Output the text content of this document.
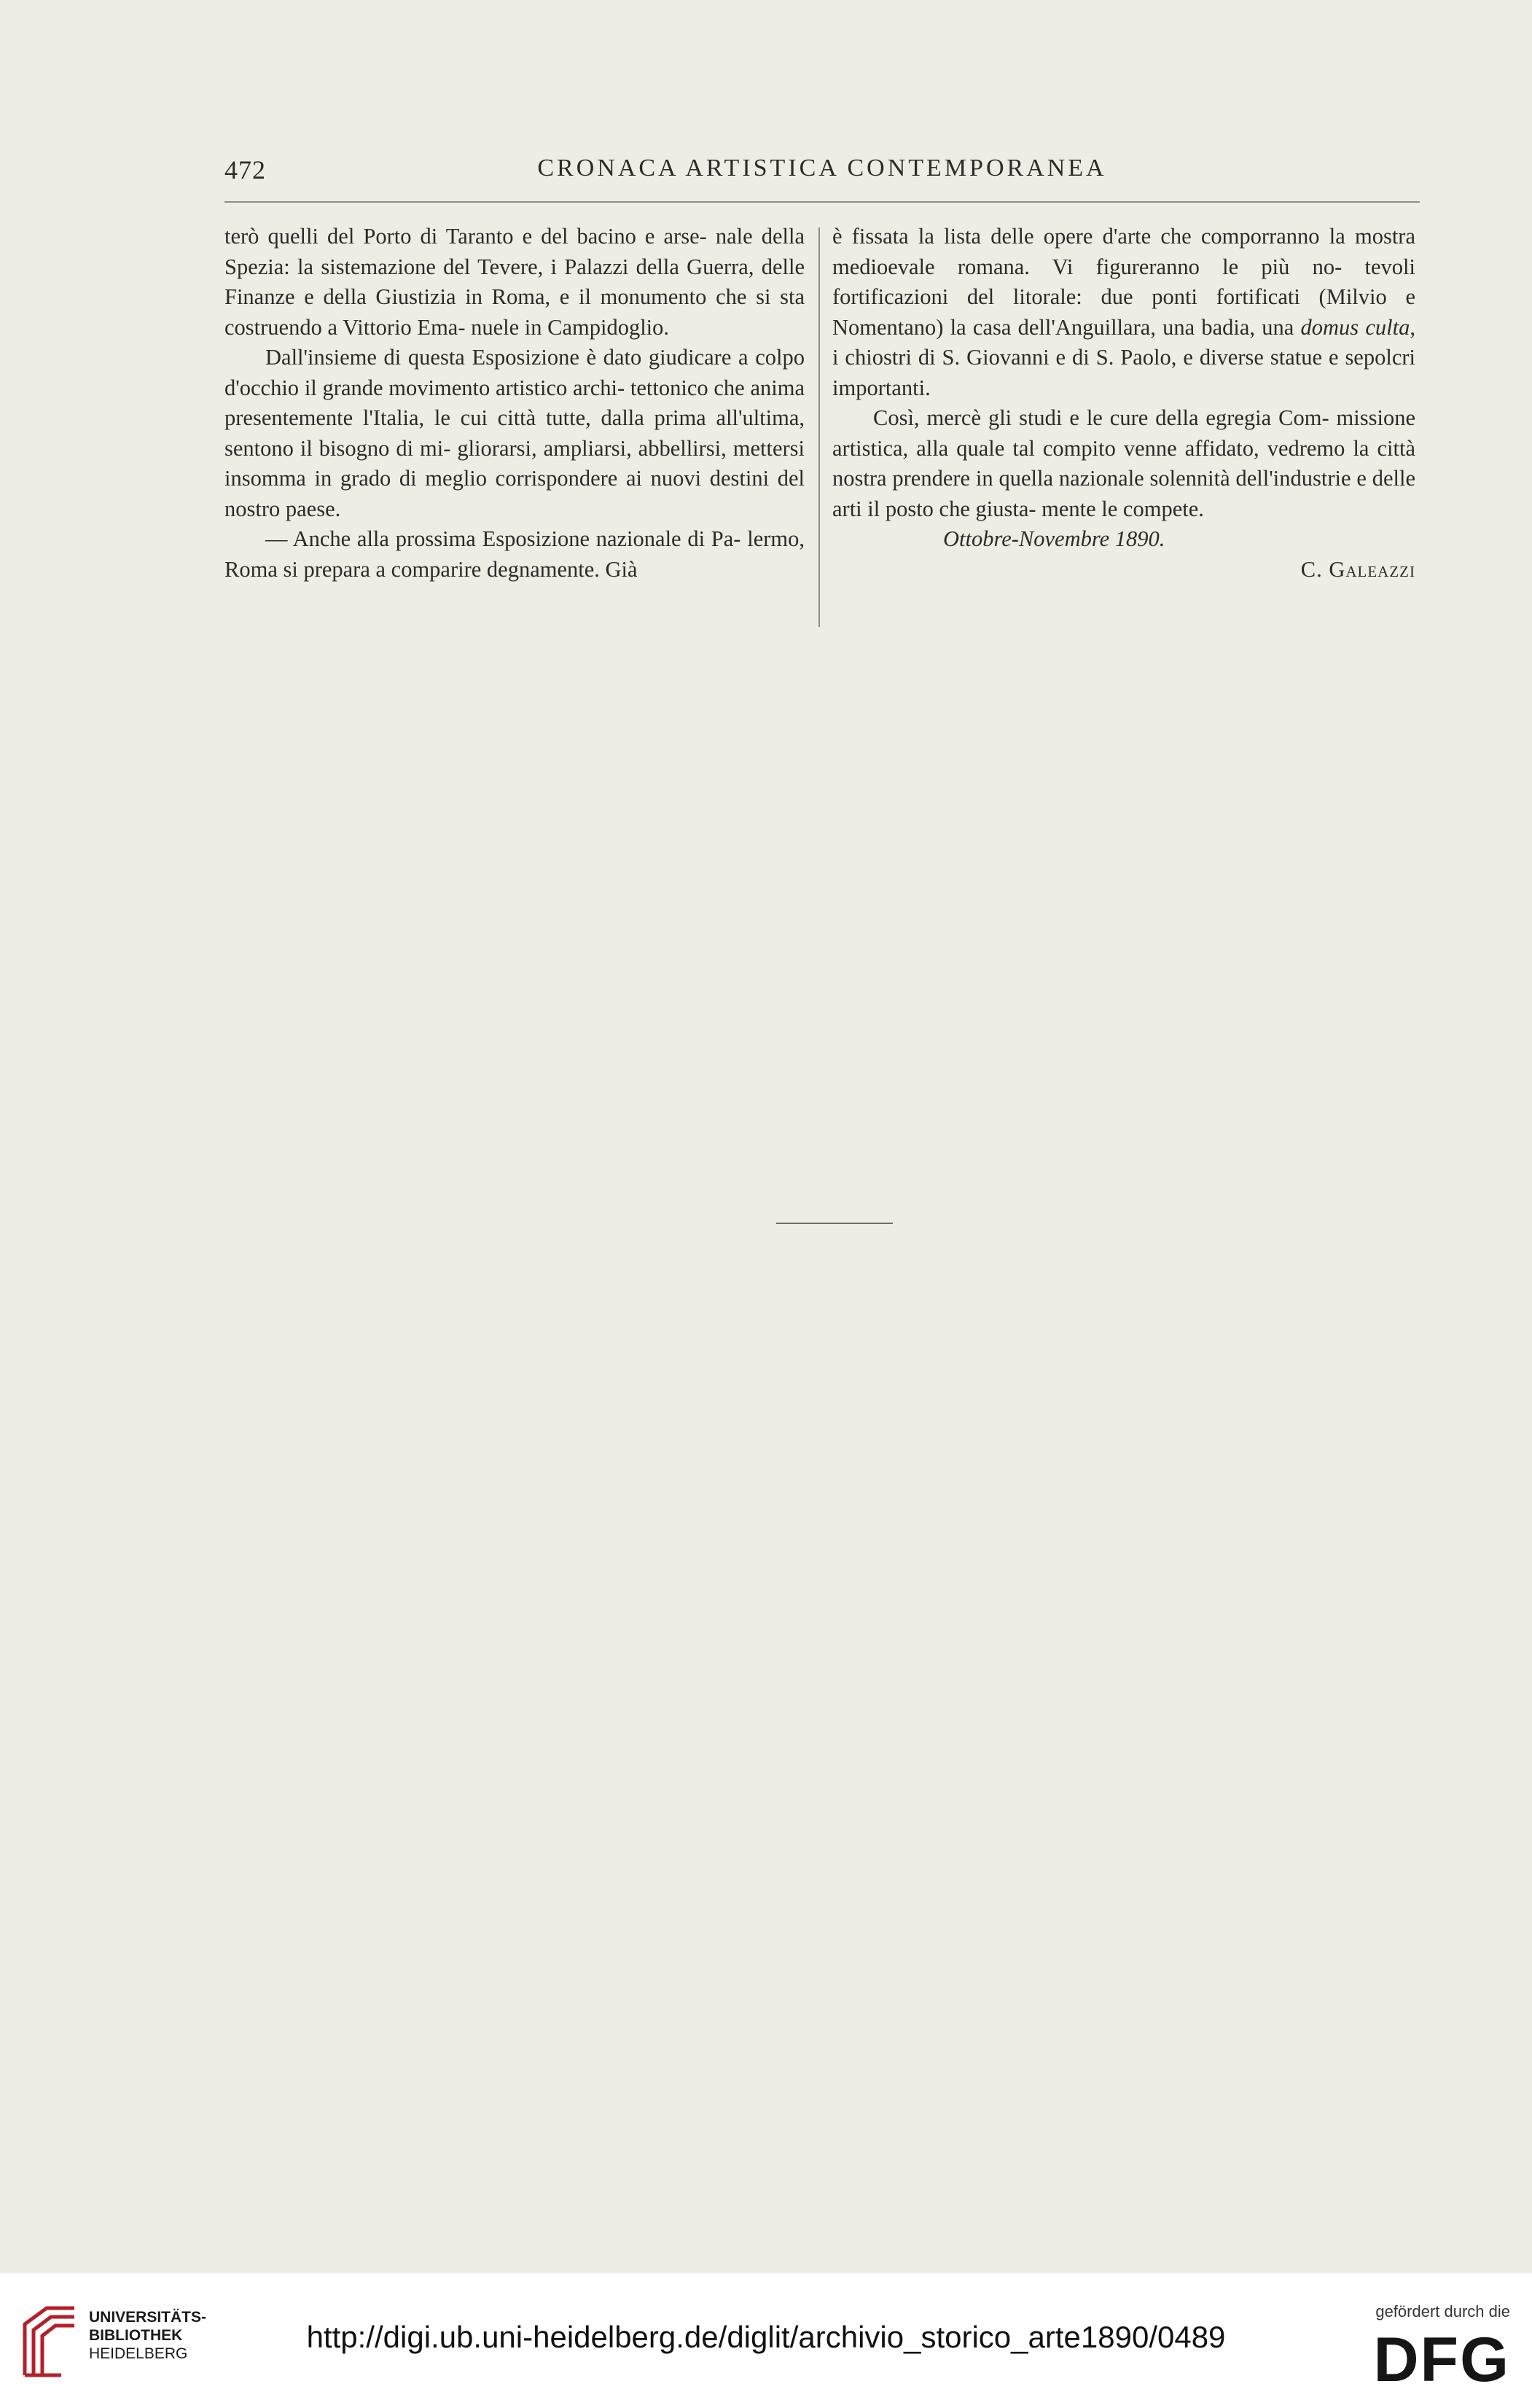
472	CRONACA ARTISTICA CONTEMPORANEA

terò quelli del Porto di Taranto e del bacino e arse- nale della Spezia: la sistemazione del Tevere, i Palazzi della Guerra, delle Finanze e della Giustizia in Roma, e il monumento che si sta costruendo a Vittorio Ema- nuele in Campidoglio.

Dall'insieme di questa Esposizione è dato giudicare a colpo d'occhio il grande movimento artistico archi- tettonico che anima presentemente l'Italia, le cui città tutte, dalla prima all'ultima, sentono il bisogno di mi- gliorarsi, ampliarsi, abbellirsi, mettersi insomma in grado di meglio corrispondere ai nuovi destini del nostro paese.

— Anche alla prossima Esposizione nazionale di Pa- lermo, Roma si prepara a comparire degnamente. Già

è fissata la lista delle opere d'arte che comporranno la mostra medioevale romana. Vi figureranno le più no- tevoli fortificazioni del litorale: due ponti fortificati (Milvio e Nomentano) la casa dell'Anguillara, una badia, una domus culta, i chiostri di S. Giovanni e di S. Paolo, e diverse statue e sepolcri importanti.

Così, mercè gli studi e le cure della egregia Com- missione artistica, alla quale tal compito venne affidato, vedremo la città nostra prendere in quella nazionale solennità dell'industrie e delle arti il posto che giusta- mente le compete.

Ottobre-Novembre 1890.

C. Galeazzi

UNIVERSITÄTS-
BIBLIOTHEK
HEIDELBERG	http://digi.ub.uni-heidelberg.de/diglit/archivio_storico_arte1890/0489
gefördert durch die
DFG
